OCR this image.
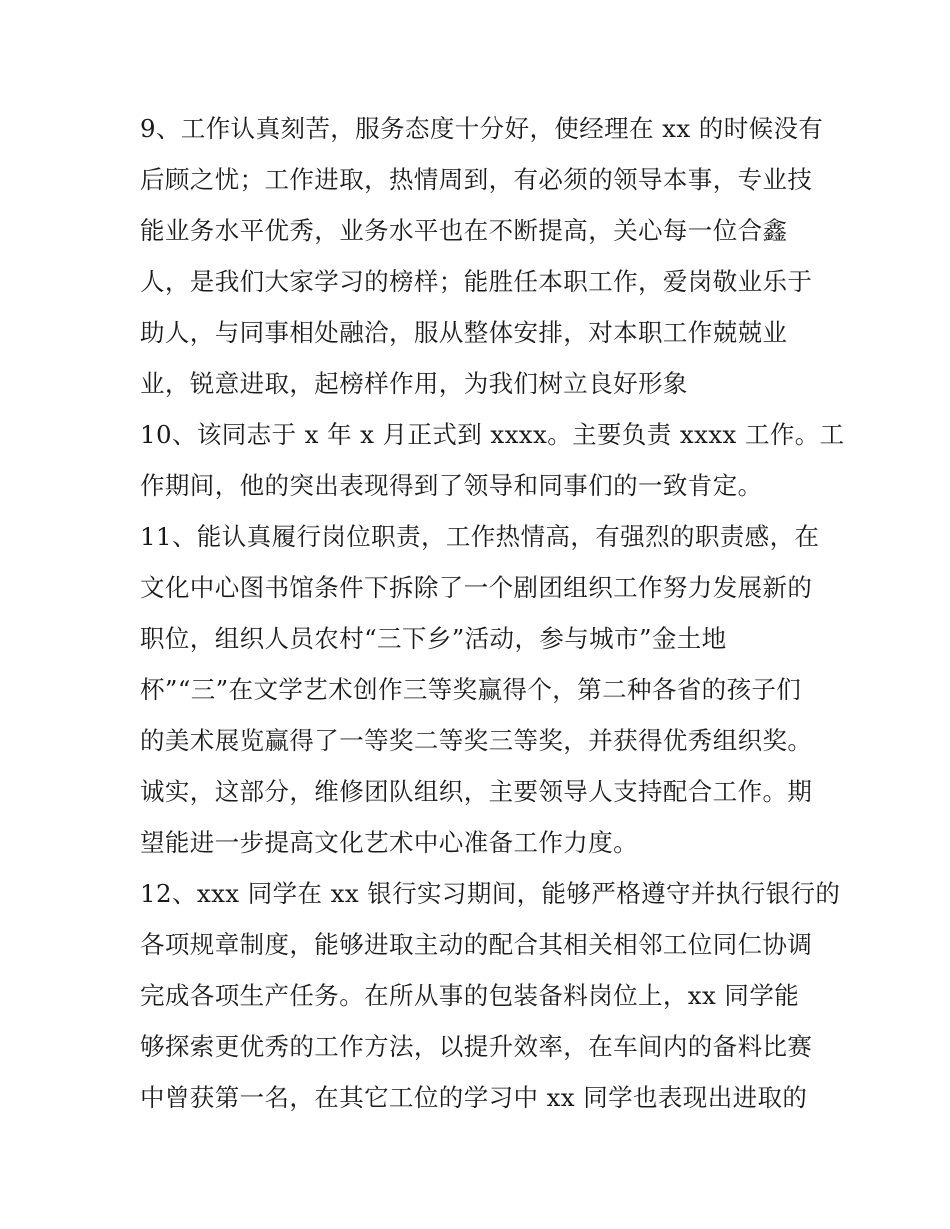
9、工作认真刻苦，服务态度十分好，使经理在 xx 的时候没有
后顾之忧；工作进取，热情周到，有必须的领导本事，专业技
能业务水平优秀，业务水平也在不断提高，关心每一位合鑫
人，是我们大家学习的榜样；能胜任本职工作，爱岗敬业乐于
助人，与同事相处融洽，服从整体安排，对本职工作兢兢业
业，锐意进取，起榜样作用，为我们树立良好形象
10、该同志于 x 年 x 月正式到 xxxx。主要负责 xxxx 工作。工
作期间，他的突出表现得到了领导和同事们的一致肯定。
11、能认真履行岗位职责，工作热情高，有强烈的职责感，在
文化中心图书馆条件下拆除了一个剧团组织工作努力发展新的
职位，组织人员农村“三下乡”活动，参与城市”金土地
杯”“三”在文学艺术创作三等奖赢得个，第二种各省的孩子们
的美术展览赢得了一等奖二等奖三等奖，并获得优秀组织奖。
诚实，这部分，维修团队组织，主要领导人支持配合工作。期
望能进一步提高文化艺术中心准备工作力度。
12、xxx 同学在 xx 银行实习期间，能够严格遵守并执行银行的
各项规章制度，能够进取主动的配合其相关相邻工位同仁协调
完成各项生产任务。在所从事的包装备料岗位上，xx 同学能
够探索更优秀的工作方法，以提升效率，在车间内的备料比赛
中曾获第一名，在其它工位的学习中 xx 同学也表现出进取的
